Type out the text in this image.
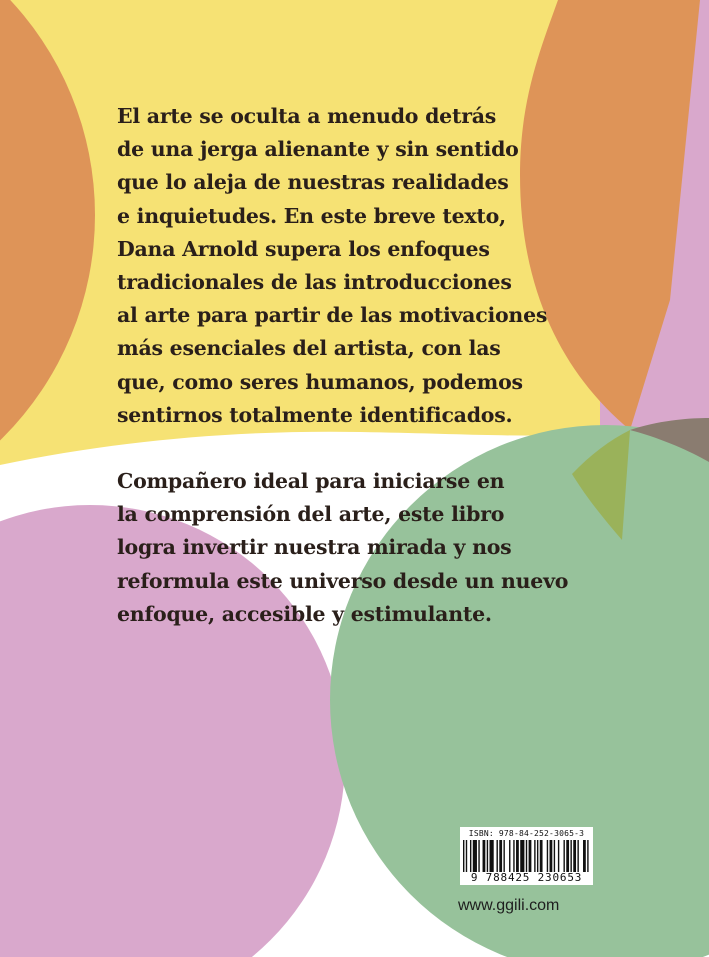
El arte se oculta a menudo detrás
de una jerga alienante y sin sentido
que lo aleja de nuestras realidades
e inquietudes. En este breve texto,
Dana Arnold supera los enfoques
tradicionales de las introducciones
al arte para partir de las motivaciones
más esenciales del artista, con las
que, como seres humanos, podemos
sentirnos totalmente identificados.

Compañero ideal para iniciarse en
la comprensión del arte, este libro
logra invertir nuestra mirada y nos
reformula este universo desde un nuevo
enfoque, accesible y estimulante.

ISBN: 978-84-252-3065-3
9 788425 230653
www.ggili.com
